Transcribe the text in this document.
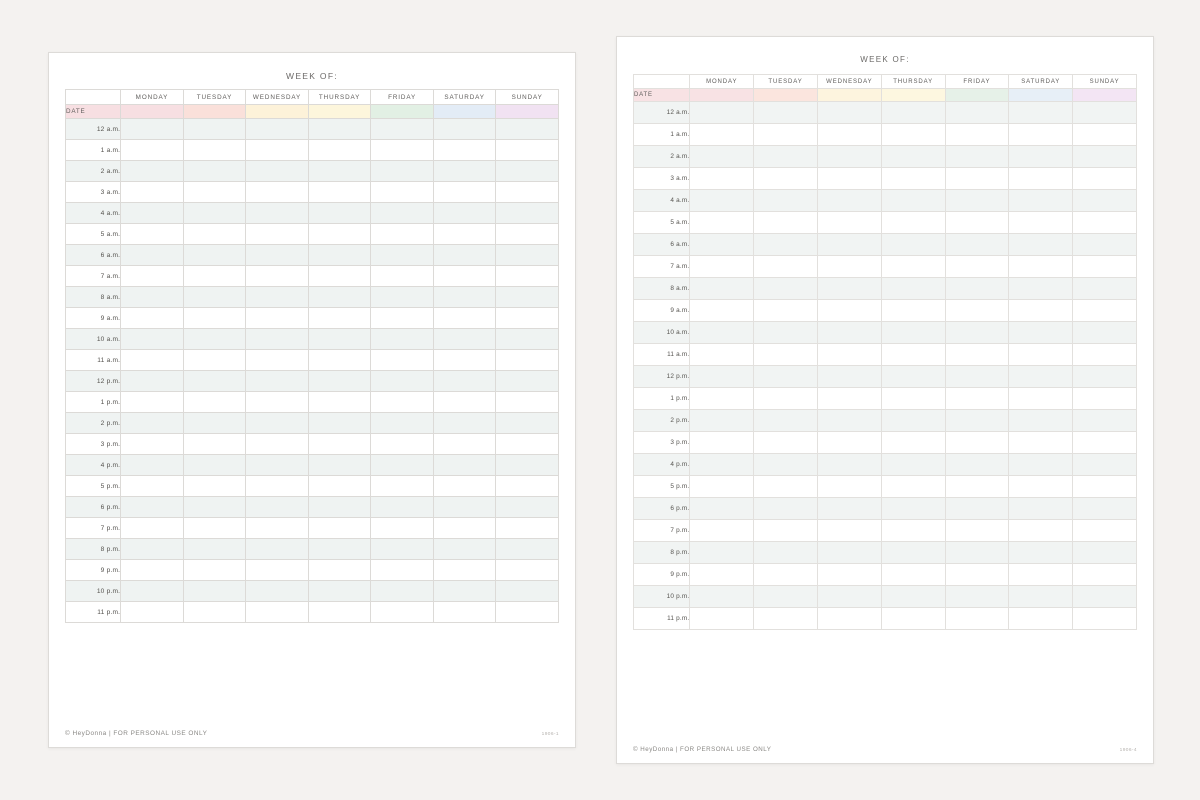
WEEK OF:
	MONDAY	TUESDAY	WEDNESDAY	THURSDAY	FRIDAY	SATURDAY	SUNDAY
DATE							
12 a.m.							
1 a.m.							
2 a.m.							
3 a.m.							
4 a.m.							
5 a.m.							
6 a.m.							
7 a.m.							
8 a.m.							
9 a.m.							
10 a.m.							
11 a.m.							
12 p.m.							
1 p.m.							
2 p.m.							
3 p.m.							
4 p.m.							
5 p.m.							
6 p.m.							
7 p.m.							
8 p.m.							
9 p.m.							
10 p.m.							
11 p.m.							
© HeyDonna | FOR PERSONAL USE ONLY	1906-1
WEEK OF:
	MONDAY	TUESDAY	WEDNESDAY	THURSDAY	FRIDAY	SATURDAY	SUNDAY
DATE							
12 a.m.							
1 a.m.							
2 a.m.							
3 a.m.							
4 a.m.							
5 a.m.							
6 a.m.							
7 a.m.							
8 a.m.							
9 a.m.							
10 a.m.							
11 a.m.							
12 p.m.							
1 p.m.							
2 p.m.							
3 p.m.							
4 p.m.							
5 p.m.							
6 p.m.							
7 p.m.							
8 p.m.							
9 p.m.							
10 p.m.							
11 p.m.							
© HeyDonna | FOR PERSONAL USE ONLY	1906-4
